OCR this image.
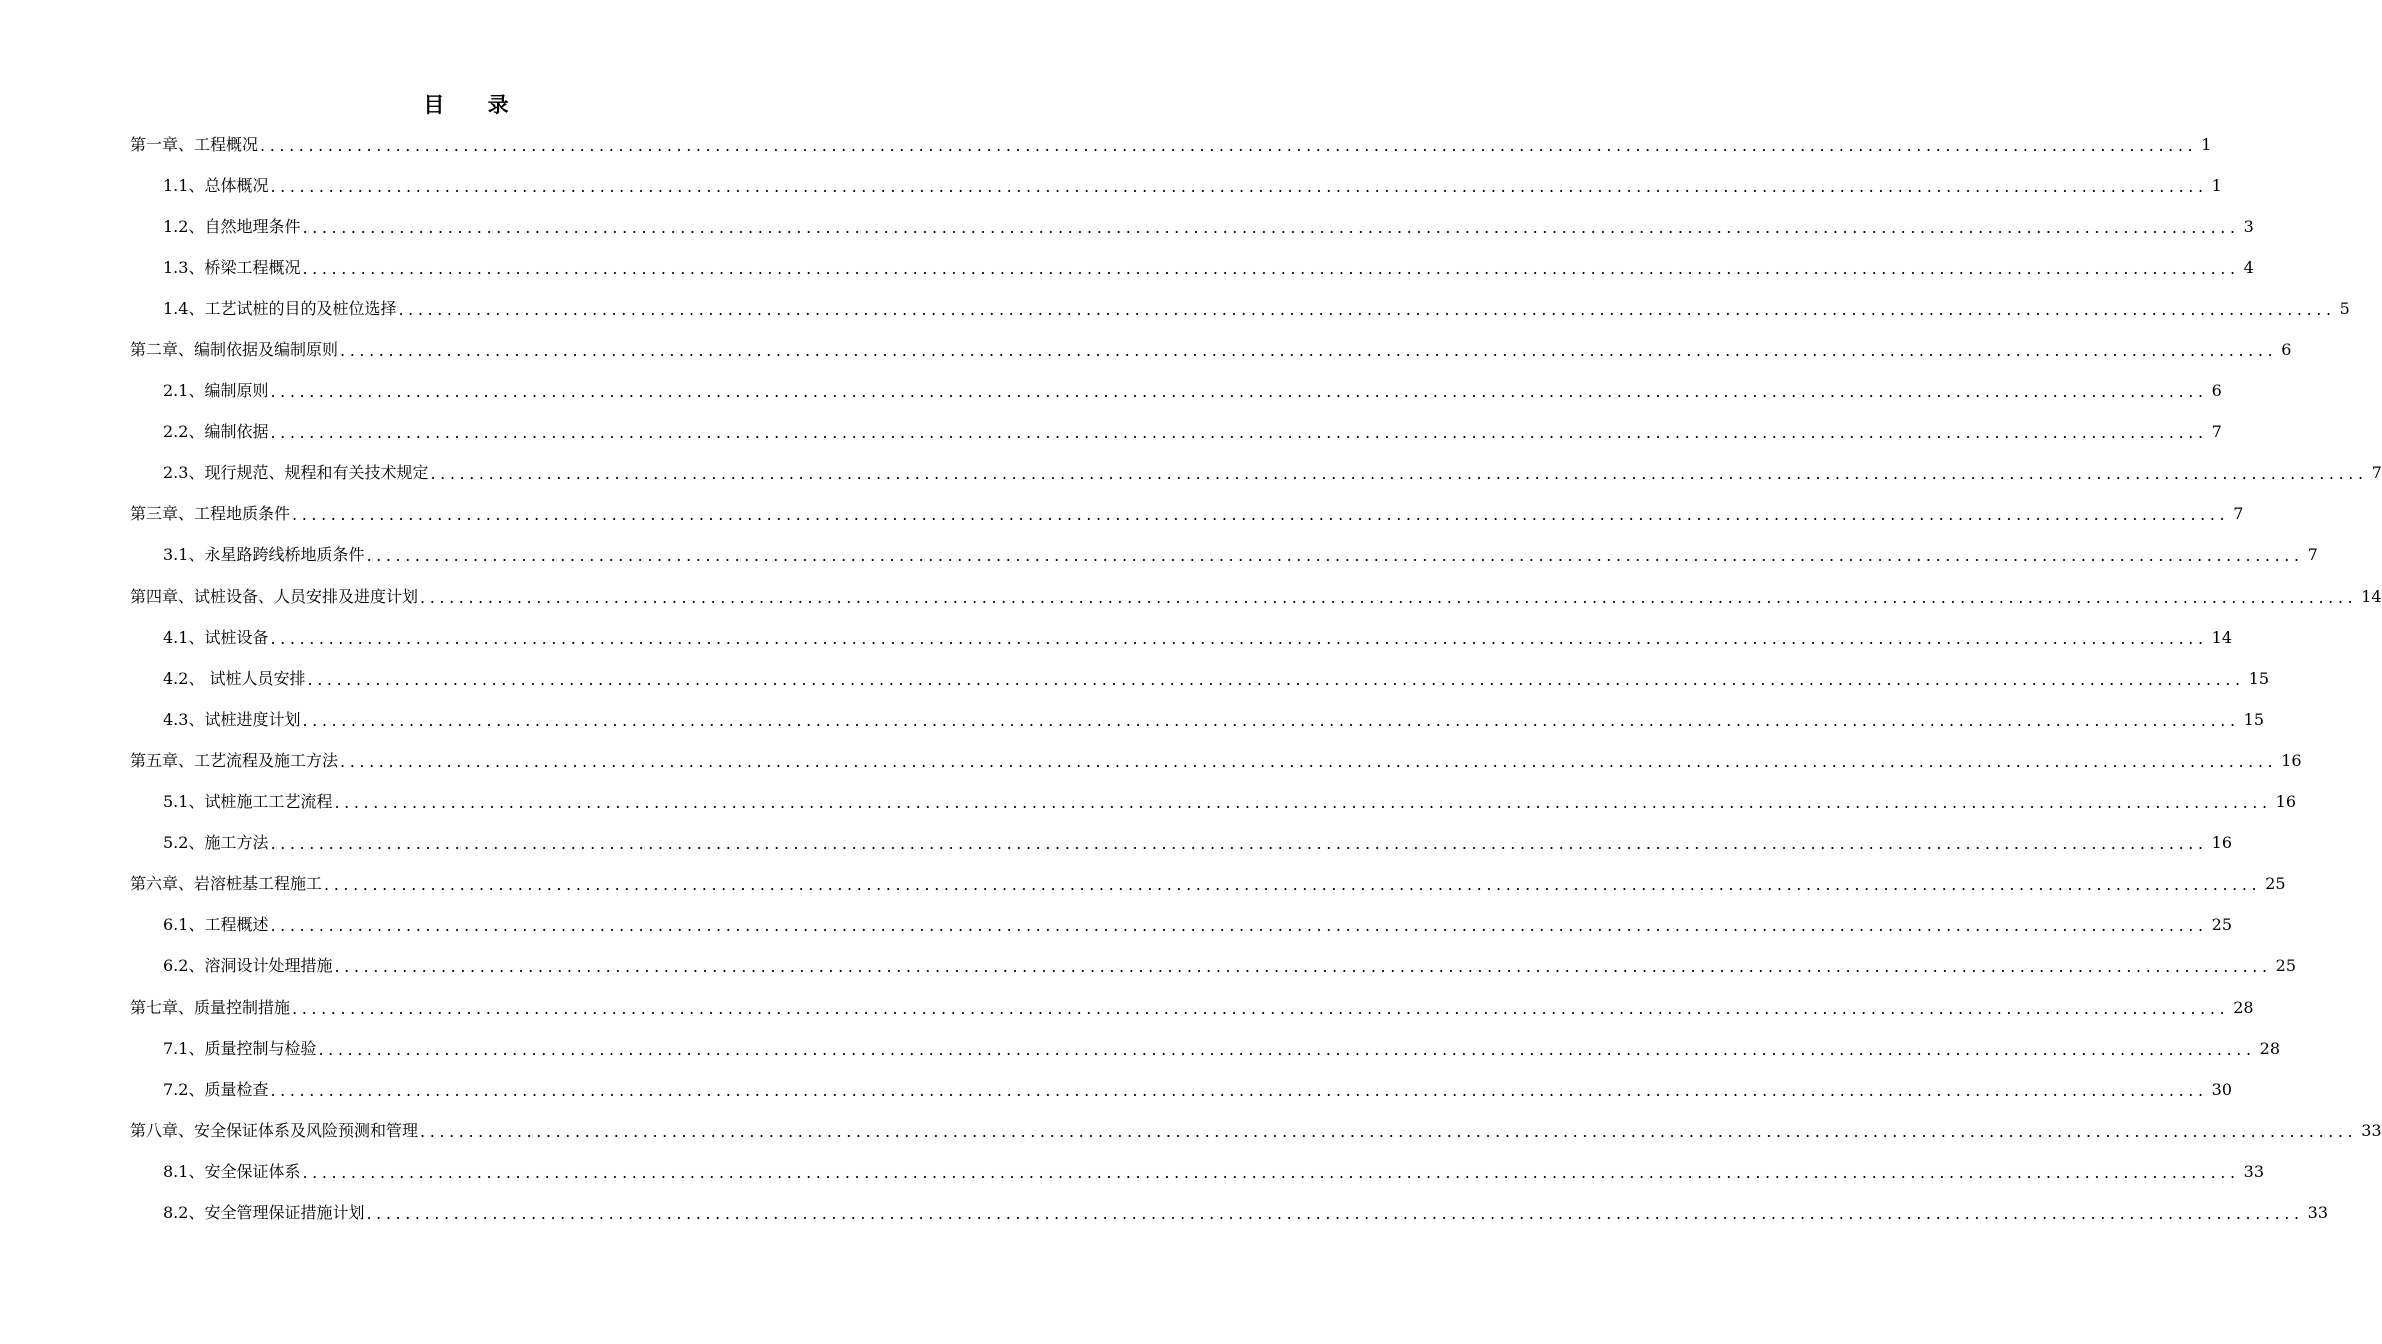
目 录
第一章、工程概况 ........................................................................................................................................................................................................ 1
1.1、总体概况 ........................................................................................................................................................................................................ 1
1.2、自然地理条件 ........................................................................................................................................................................................................ 3
1.3、桥梁工程概况 ........................................................................................................................................................................................................ 4
1.4、工艺试桩的目的及桩位选择 ........................................................................................................................................................................................................ 5
第二章、编制依据及编制原则 ........................................................................................................................................................................................................ 6
2.1、编制原则 ........................................................................................................................................................................................................ 6
2.2、编制依据 ........................................................................................................................................................................................................ 7
2.3、现行规范、规程和有关技术规定 ........................................................................................................................................................................................................ 7
第三章、工程地质条件 ........................................................................................................................................................................................................ 7
3.1、永星路跨线桥地质条件 ........................................................................................................................................................................................................ 7
第四章、试桩设备、人员安排及进度计划 ........................................................................................................................................................................................................ 14
4.1、试桩设备 ........................................................................................................................................................................................................ 14
4.2、 试桩人员安排 ........................................................................................................................................................................................................ 15
4.3、试桩进度计划 ........................................................................................................................................................................................................ 15
第五章、工艺流程及施工方法 ........................................................................................................................................................................................................ 16
5.1、试桩施工工艺流程 ........................................................................................................................................................................................................ 16
5.2、施工方法 ........................................................................................................................................................................................................ 16
第六章、岩溶桩基工程施工 ........................................................................................................................................................................................................ 25
6.1、工程概述 ........................................................................................................................................................................................................ 25
6.2、溶洞设计处理措施 ........................................................................................................................................................................................................ 25
第七章、质量控制措施 ........................................................................................................................................................................................................ 28
7.1、质量控制与检验 ........................................................................................................................................................................................................ 28
7.2、质量检查 ........................................................................................................................................................................................................ 30
第八章、安全保证体系及风险预测和管理 ........................................................................................................................................................................................................ 33
8.1、安全保证体系 ........................................................................................................................................................................................................ 33
8.2、安全管理保证措施计划 ........................................................................................................................................................................................................ 33
